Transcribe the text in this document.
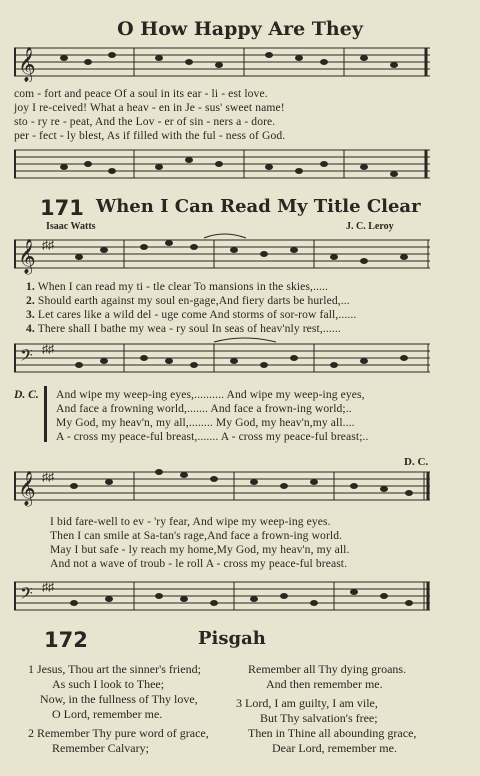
O How Happy Are They
𝄞
com - fort and peace Of a soul in its ear - li - est love.
joy I re-ceived! What a heav - en in Je - sus' sweet name!
sto - ry re - peat, And the Lov - er of sin - ners a - dore.
per - fect - ly blest, As if filled with the ful - ness of God.
171 When I Can Read My Title Clear
Isaac Watts	J. C. Leroy
𝄞 ♯♯
1. When I can read my ti - tle clear To mansions in the skies,.....
2. Should earth against my soul en-gage,And fiery darts be hurled,...
3. Let cares like a wild del - uge come And storms of sor-row fall,......
4. There shall I bathe my wea - ry soul In seas of heav'nly rest,......
𝄢 ♯♯
D. C. And wipe my weep-ing eyes,.......... And wipe my weep-ing eyes,
And face a frowning world,....... And face a frown-ing world;..
My God, my heav'n, my all,........ My God, my heav'n,my all....
A - cross my peace-ful breast,....... A - cross my peace-ful breast;..
D. C.
𝄞 ♯♯
I bid fare-well to ev - 'ry fear, And wipe my weep-ing eyes.
Then I can smile at Sa-tan's rage,And face a frown-ing world.
May I but safe - ly reach my home,My God, my heav'n, my all.
And not a wave of troub - le roll A - cross my peace-ful breast.
𝄢 ♯♯
172	Pisgah
1 Jesus, Thou art the sinner's friend;
As such I look to Thee;
Now, in the fullness of Thy love,
O Lord, remember me.
2 Remember Thy pure word of grace,
Remember Calvary;
Remember all Thy dying groans.
And then remember me.
3 Lord, I am guilty, I am vile,
But Thy salvation's free;
Then in Thine all abounding grace,
Dear Lord, remember me.
